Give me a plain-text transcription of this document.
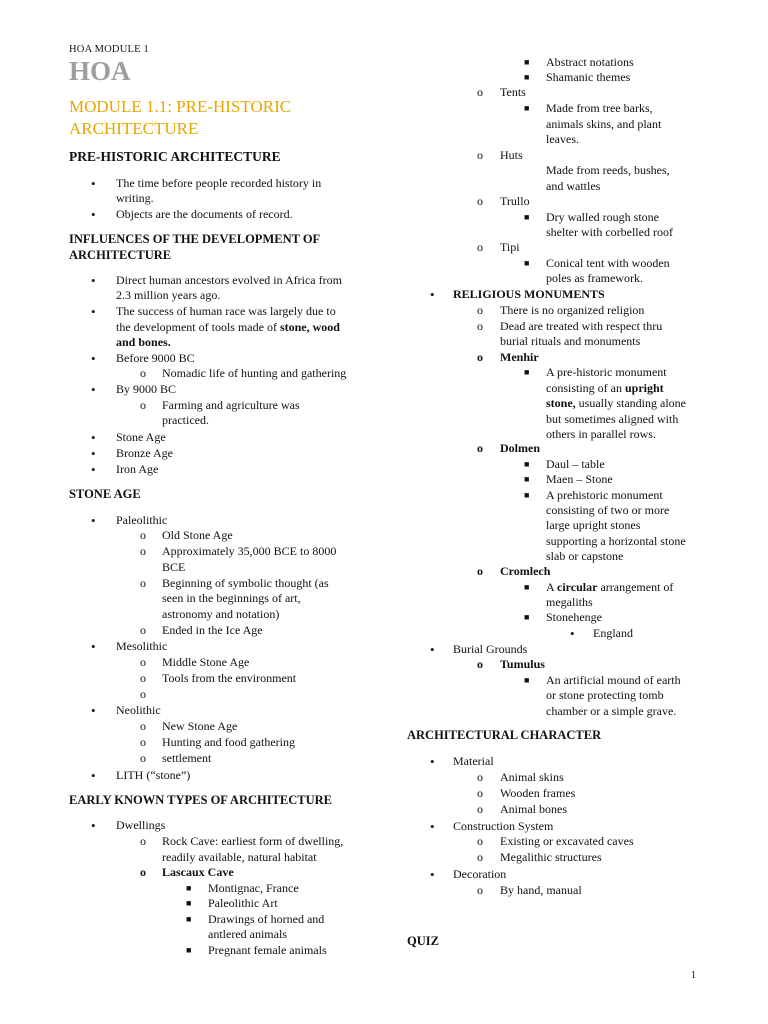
HOA MODULE 1
HOA
MODULE 1.1: PRE-HISTORIC
ARCHITECTURE
PRE-HISTORIC ARCHITECTURE
• The time before people recorded history in
writing.
• Objects are the documents of record.
INFLUENCES OF THE DEVELOPMENT OF
ARCHITECTURE
• Direct human ancestors evolved in Africa from
2.3 million years ago.
• The success of human race was largely due to
the development of tools made of stone, wood
and bones.
• Before 9000 BC
o Nomadic life of hunting and gathering
• By 9000 BC
o Farming and agriculture was
practiced.
• Stone Age
• Bronze Age
• Iron Age
STONE AGE
• Paleolithic
o Old Stone Age
o Approximately 35,000 BCE to 8000
BCE
o Beginning of symbolic thought (as
seen in the beginnings of art,
astronomy and notation)
o Ended in the Ice Age
• Mesolithic
o Middle Stone Age
o Tools from the environment
o
• Neolithic
o New Stone Age
o Hunting and food gathering
o settlement
• LITH (“stone”)
EARLY KNOWN TYPES OF ARCHITECTURE
• Dwellings
o Rock Cave: earliest form of dwelling,
readily available, natural habitat
o Lascaux Cave
■ Montignac, France
■ Paleolithic Art
■ Drawings of horned and
antlered animals
■ Pregnant female animals
■ Abstract notations
■ Shamanic themes
o Tents
■ Made from tree barks,
animals skins, and plant
leaves.
o Huts
Made from reeds, bushes,
and wattles
o Trullo
■ Dry walled rough stone
shelter with corbelled roof
o Tipi
■ Conical tent with wooden
poles as framework.
• RELIGIOUS MONUMENTS
o There is no organized religion
o Dead are treated with respect thru
burial rituals and monuments
o Menhir
■ A pre-historic monument
consisting of an upright
stone, usually standing alone
but sometimes aligned with
others in parallel rows.
o Dolmen
■ Daul – table
■ Maen – Stone
■ A prehistoric monument
consisting of two or more
large upright stones
supporting a horizontal stone
slab or capstone
o Cromlech
■ A circular arrangement of
megaliths
■ Stonehenge
• England
• Burial Grounds
o Tumulus
■ An artificial mound of earth
or stone protecting tomb
chamber or a simple grave.
ARCHITECTURAL CHARACTER
• Material
o Animal skins
o Wooden frames
o Animal bones
• Construction System
o Existing or excavated caves
o Megalithic structures
• Decoration
o By hand, manual
QUIZ
1
